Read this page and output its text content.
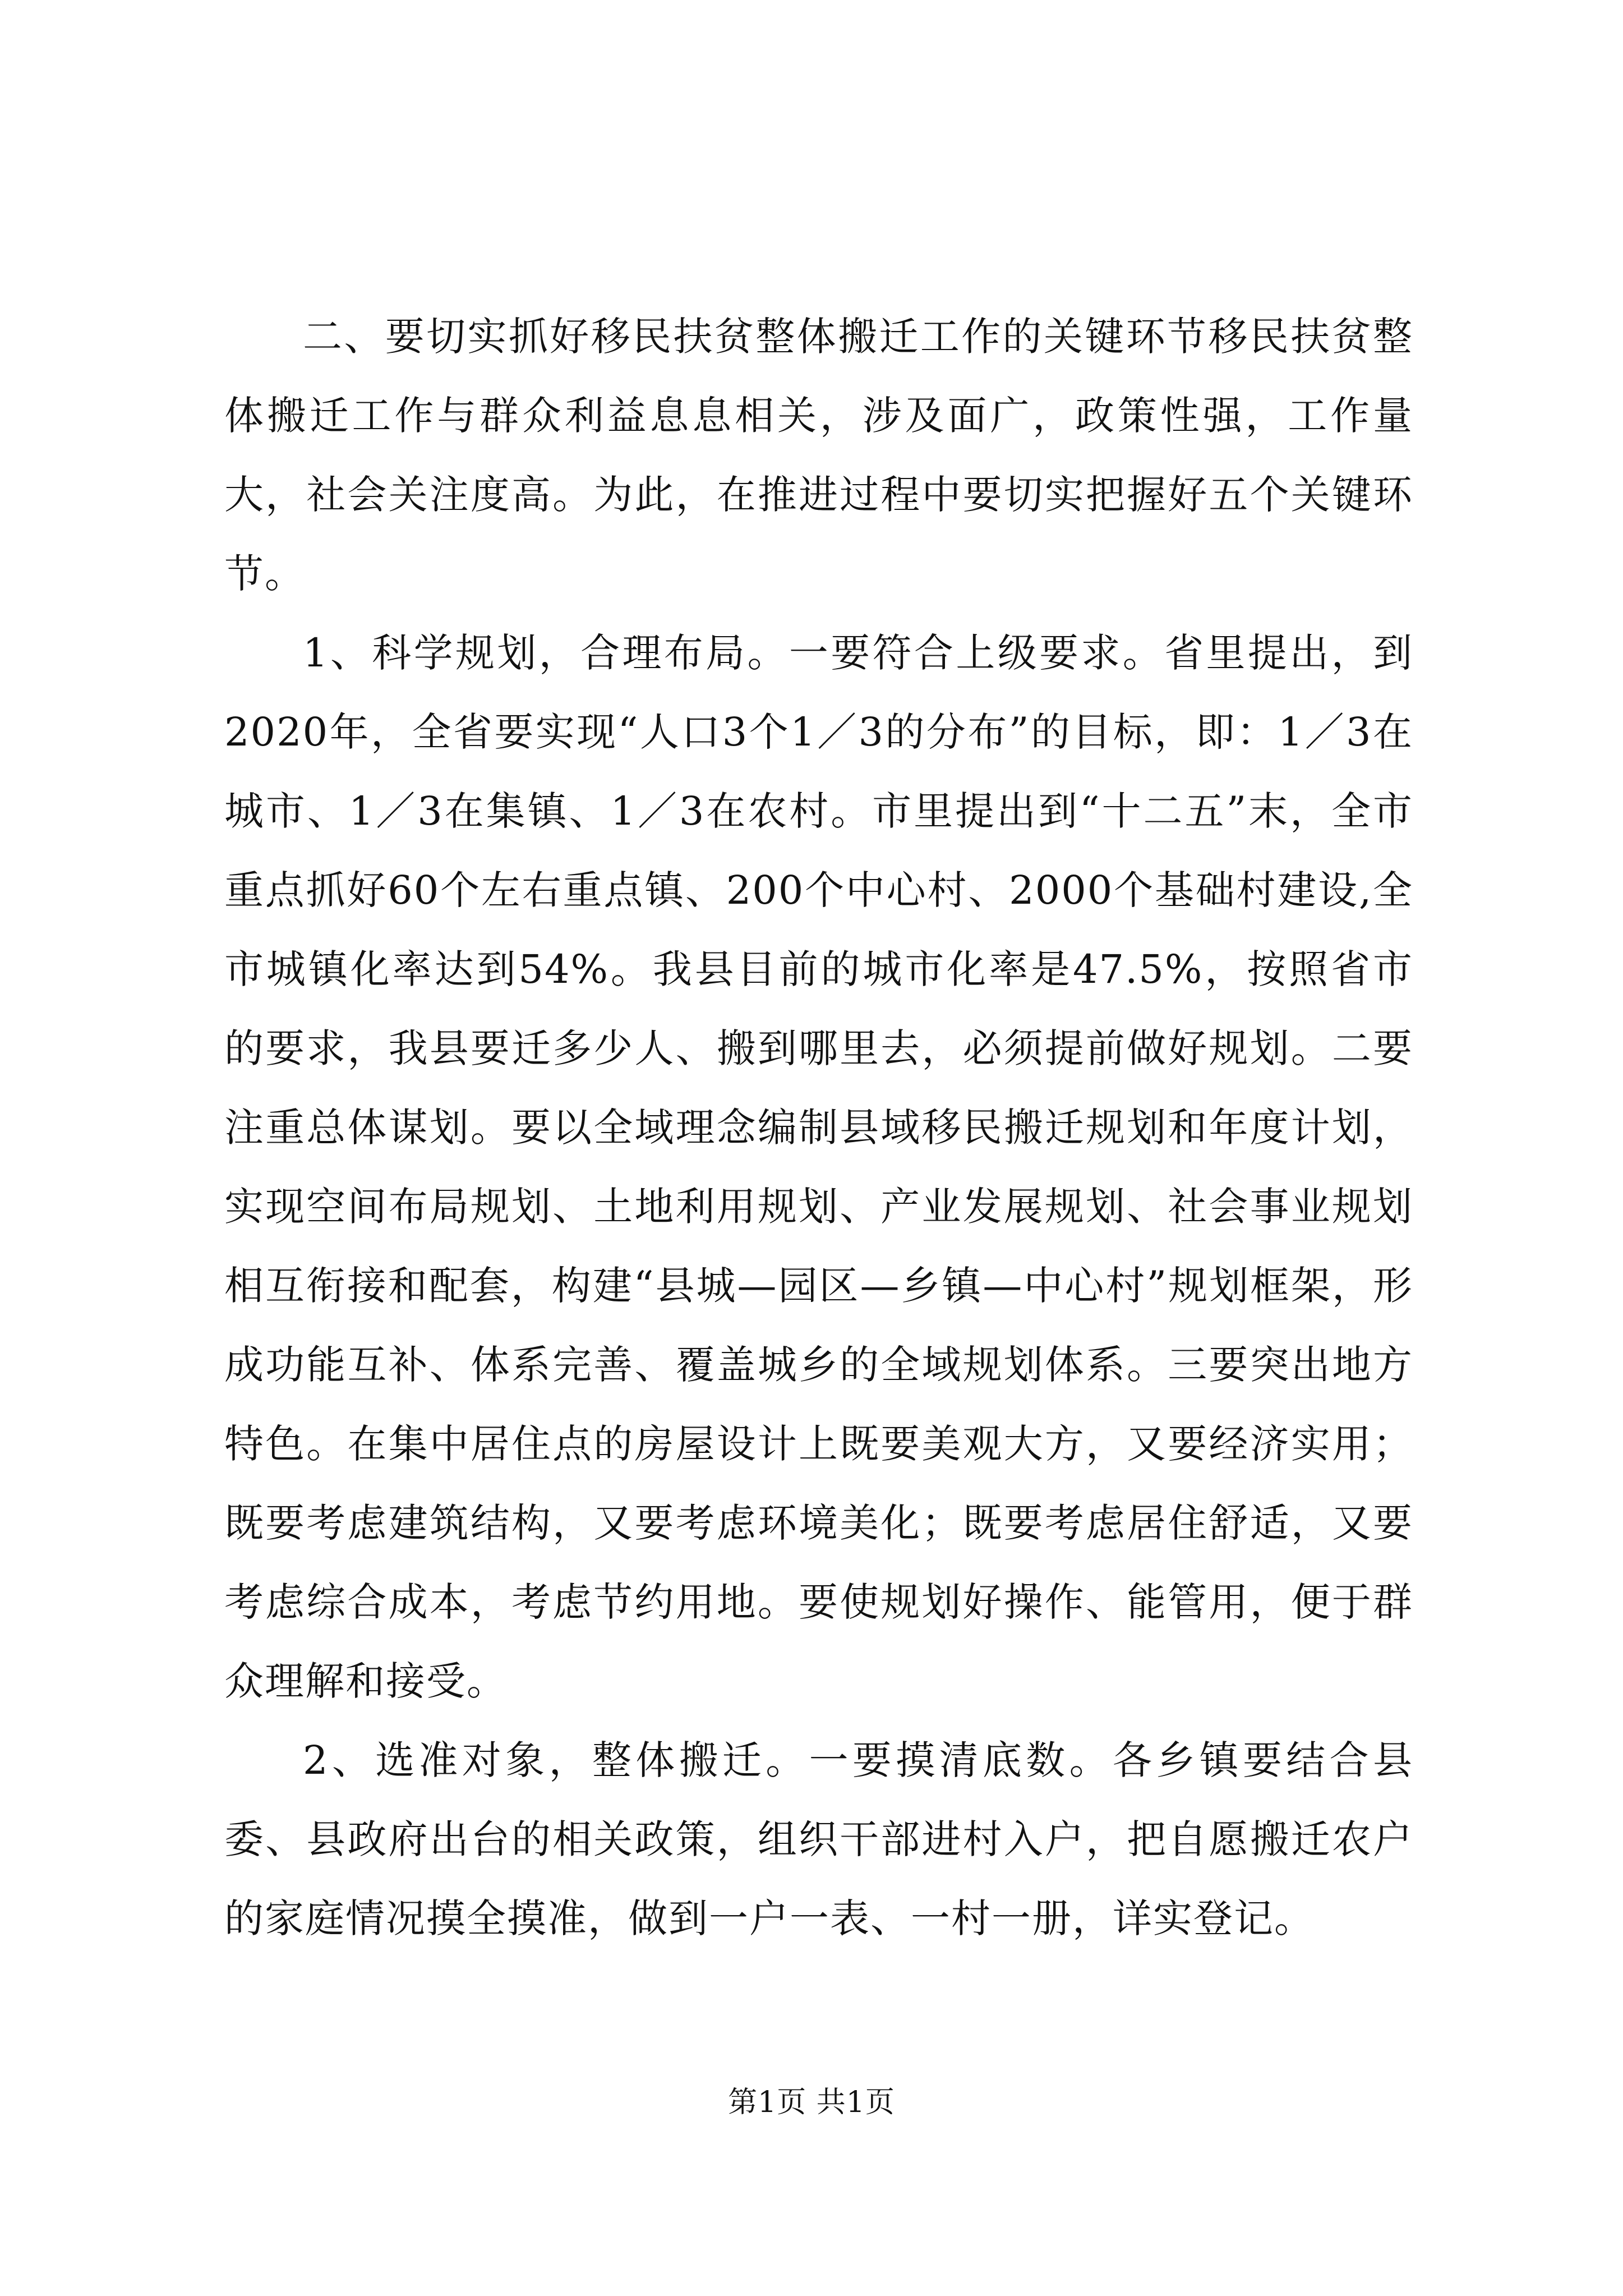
二、要切实抓好移民扶贫整体搬迁工作的关键环节移民扶贫整体搬迁工作与群众利益息息相关，涉及面广，政策性强，工作量大，社会关注度高。为此，在推进过程中要切实把握好五个关键环节。

1、科学规划，合理布局。一要符合上级要求。省里提出，到2020年，全省要实现“人口3个1／3的分布”的目标，即：1／3在城市、1／3在集镇、1／3在农村。市里提出到“十二五”末，全市重点抓好60个左右重点镇、200个中心村、2000个基础村建设,全市城镇化率达到54%。我县目前的城市化率是47.5%，按照省市的要求，我县要迁多少人、搬到哪里去，必须提前做好规划。二要注重总体谋划。要以全域理念编制县域移民搬迁规划和年度计划，实现空间布局规划、土地利用规划、产业发展规划、社会事业规划相互衔接和配套，构建“县城—园区—乡镇—中心村”规划框架，形成功能互补、体系完善、覆盖城乡的全域规划体系。三要突出地方特色。在集中居住点的房屋设计上既要美观大方，又要经济实用；既要考虑建筑结构，又要考虑环境美化；既要考虑居住舒适，又要考虑综合成本，考虑节约用地。要使规划好操作、能管用，便于群众理解和接受。

2、选准对象，整体搬迁。一要摸清底数。各乡镇要结合县委、县政府出台的相关政策，组织干部进村入户，把自愿搬迁农户的家庭情况摸全摸准，做到一户一表、一村一册，详实登记。

第1页 共1页
